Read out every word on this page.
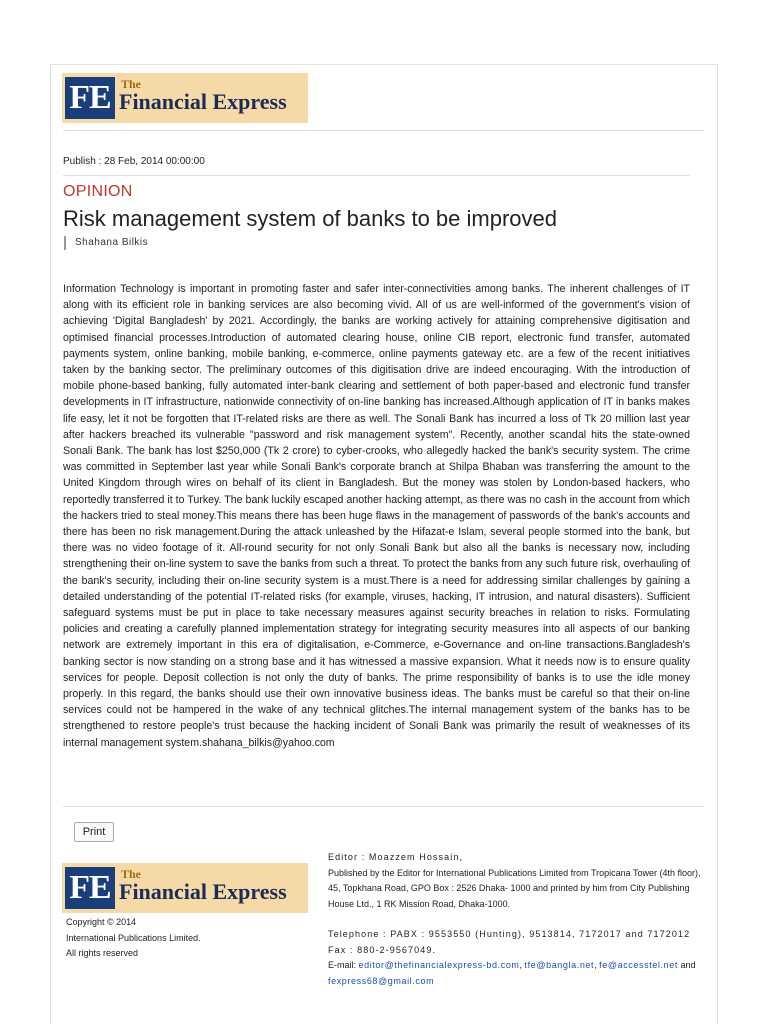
FE The
Financial Express
Publish : 28 Feb, 2014 00:00:00
OPINION
Risk management system of banks to be improved
Shahana Bilkis

Information Technology is important in promoting faster and safer inter-connectivities among banks. The inherent challenges of IT along with its efficient role in banking services are also becoming vivid. All of us are well-informed of the government's vision of achieving 'Digital Bangladesh' by 2021. Accordingly, the banks are working actively for attaining comprehensive digitisation and optimised financial processes.Introduction of automated clearing house, online CIB report, electronic fund transfer, automated payments system, online banking, mobile banking, e-commerce, online payments gateway etc. are a few of the recent initiatives taken by the banking sector. The preliminary outcomes of this digitisation drive are indeed encouraging. With the introduction of mobile phone-based banking, fully automated inter-bank clearing and settlement of both paper-based and electronic fund transfer developments in IT infrastructure, nationwide connectivity of on-line banking has increased.Although application of IT in banks makes life easy, let it not be forgotten that IT-related risks are there as well. The Sonali Bank has incurred a loss of Tk 20 million last year after hackers breached its vulnerable "password and risk management system". Recently, another scandal hits the state-owned Sonali Bank. The bank has lost $250,000 (Tk 2 crore) to cyber-crooks, who allegedly hacked the bank's security system. The crime was committed in September last year while Sonali Bank's corporate branch at Shilpa Bhaban was transferring the amount to the United Kingdom through wires on behalf of its client in Bangladesh. But the money was stolen by London-based hackers, who reportedly transferred it to Turkey. The bank luckily escaped another hacking attempt, as there was no cash in the account from which the hackers tried to steal money.This means there has been huge flaws in the management of passwords of the bank's accounts and there has been no risk management.During the attack unleashed by the Hifazat-e Islam, several people stormed into the bank, but there was no video footage of it. All-round security for not only Sonali Bank but also all the banks is necessary now, including strengthening their on-line system to save the banks from such a threat. To protect the banks from any such future risk, overhauling of the bank's security, including their on-line security system is a must.There is a need for addressing similar challenges by gaining a detailed understanding of the potential IT-related risks (for example, viruses, hacking, IT intrusion, and natural disasters). Sufficient safeguard systems must be put in place to take necessary measures against security breaches in relation to risks. Formulating policies and creating a carefully planned implementation strategy for integrating security measures into all aspects of our banking network are extremely important in this era of digitalisation, e-Commerce, e-Governance and on-line transactions.Bangladesh's banking sector is now standing on a strong base and it has witnessed a massive expansion. What it needs now is to ensure quality services for people. Deposit collection is not only the duty of banks. The prime responsibility of banks is to use the idle money properly. In this regard, the banks should use their own innovative business ideas. The banks must be careful so that their on-line services could not be hampered in the wake of any technical glitches.The internal management system of the banks has to be strengthened to restore people's trust because the hacking incident of Sonali Bank was primarily the result of weaknesses of its internal management system.shahana_bilkis@yahoo.com

Print
FE The
Financial Express
Copyright © 2014
International Publications Limited.
All rights reserved
Editor : Moazzem Hossain,
Published by the Editor for International Publications Limited from Tropicana Tower (4th floor), 45, Topkhana Road, GPO Box : 2526 Dhaka- 1000 and printed by him from City Publishing House Ltd., 1 RK Mission Road, Dhaka-1000.
Telephone : PABX : 9553550 (Hunting), 9513814, 7172017 and 7172012 Fax : 880-2-9567049.
E-mail: editor@thefinancialexpress-bd.com, tfe@bangla.net, fe@accesstel.net and fexpress68@gmail.com
